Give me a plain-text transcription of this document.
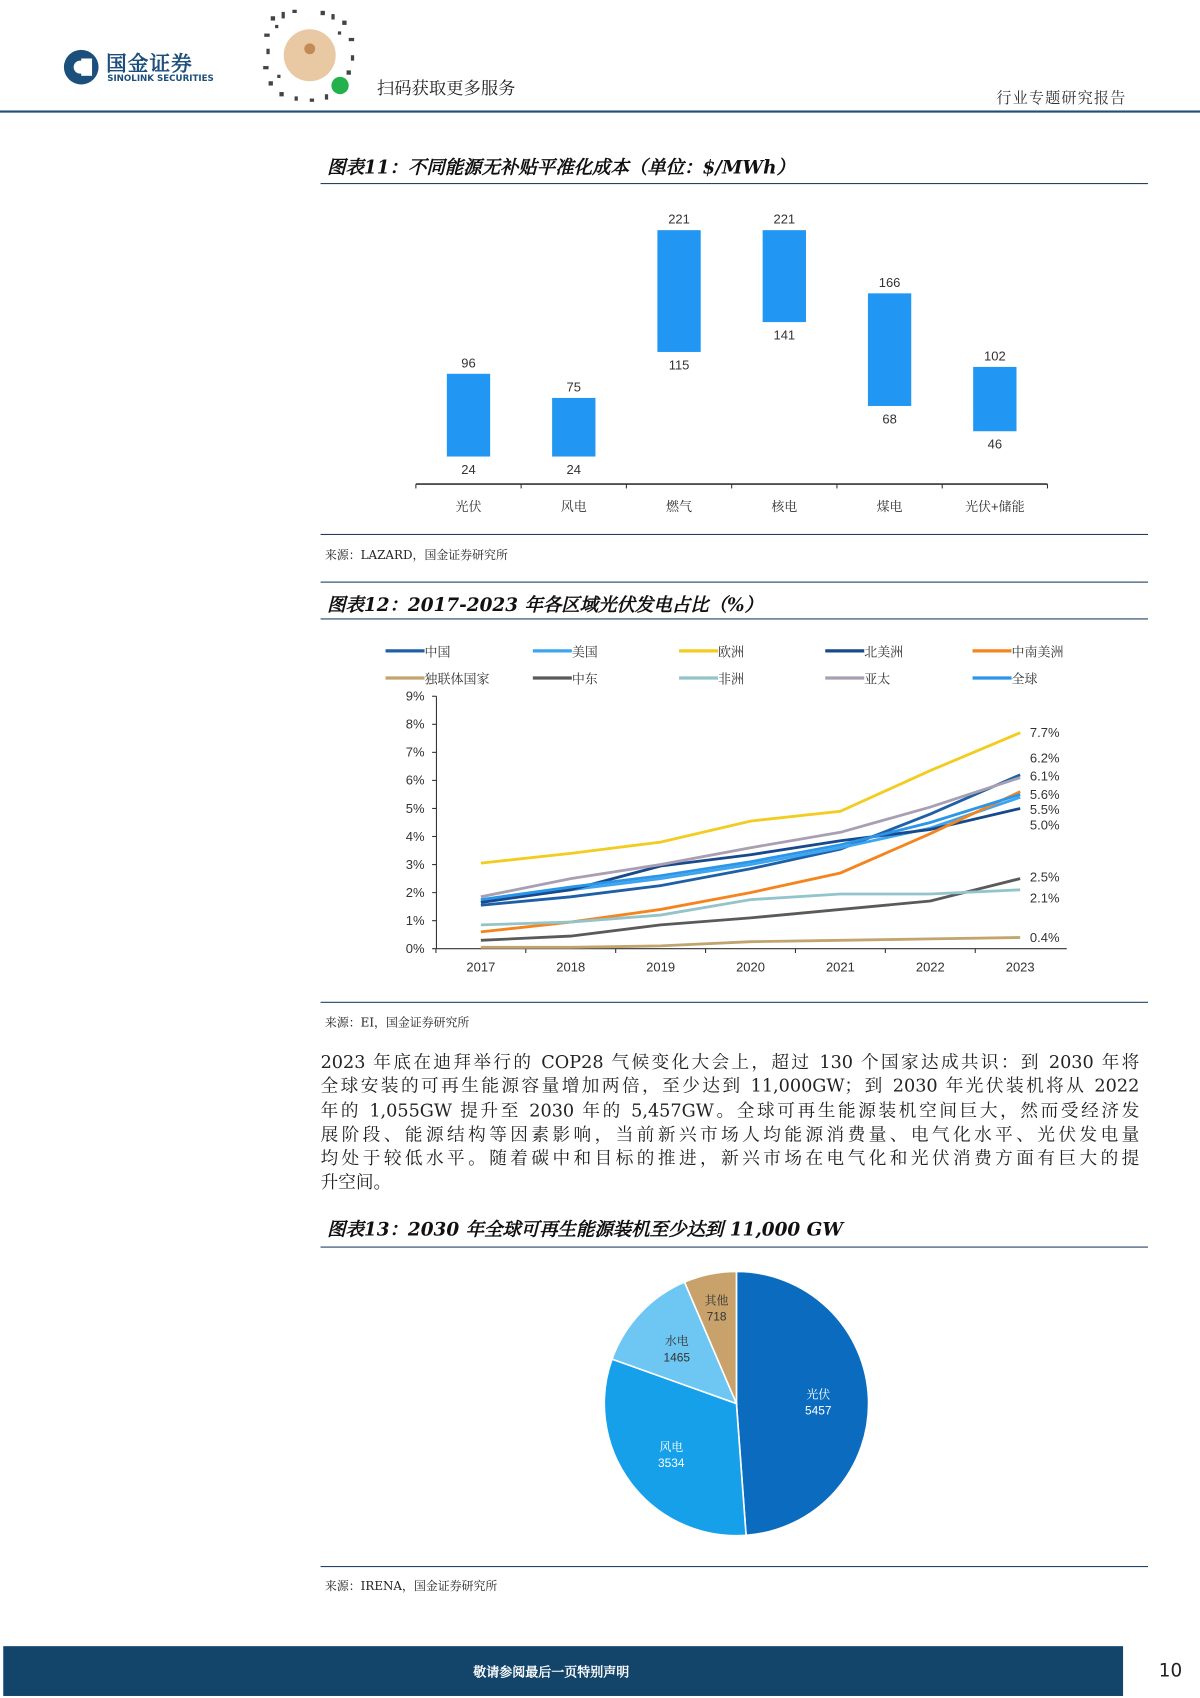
国金证券
SINOLINK SECURITIES	扫码获取更多服务	行业专题研究报告
图表11：不同能源无补贴平准化成本（单位：$/MWh）
96
24
光伏
75
24
风电
221
115
燃气
221
141
核电
166
68
煤电
102
46
光伏+储能
来源：LAZARD，国金证券研究所
图表12：2017-2023 年各区域光伏发电占比（%）
中国	美国	欧洲	北美洲	中南美洲
独联体国家	中东	非洲	亚太	全球
0%
1%
2%
3%
4%
5%
6%
7%
8%
9%
2017	2018	2019	2020	2021	2022	2023
7.7%
6.2%
6.1%
5.6%
5.5%
5.0%
2.5%
2.1%
0.4%
来源：EI，国金证券研究所
2023 年底在迪拜举行的 COP28 气候变化大会上，超过 130 个国家达成共识：到 2030 年将
全球安装的可再生能源容量增加两倍，至少达到 11,000GW；到 2030 年光伏装机将从 2022
年的 1,055GW 提升至 2030 年的 5,457GW。全球可再生能源装机空间巨大，然而受经济发
展阶段、能源结构等因素影响，当前新兴市场人均能源消费量、电气化水平、光伏发电量
均处于较低水平。随着碳中和目标的推进，新兴市场在电气化和光伏消费方面有巨大的提
升空间。
图表13：2030 年全球可再生能源装机至少达到 11,000 GW
光伏
5457
风电
3534
水电
1465
其他
718
来源：IRENA，国金证券研究所
敬请参阅最后一页特别声明	10
